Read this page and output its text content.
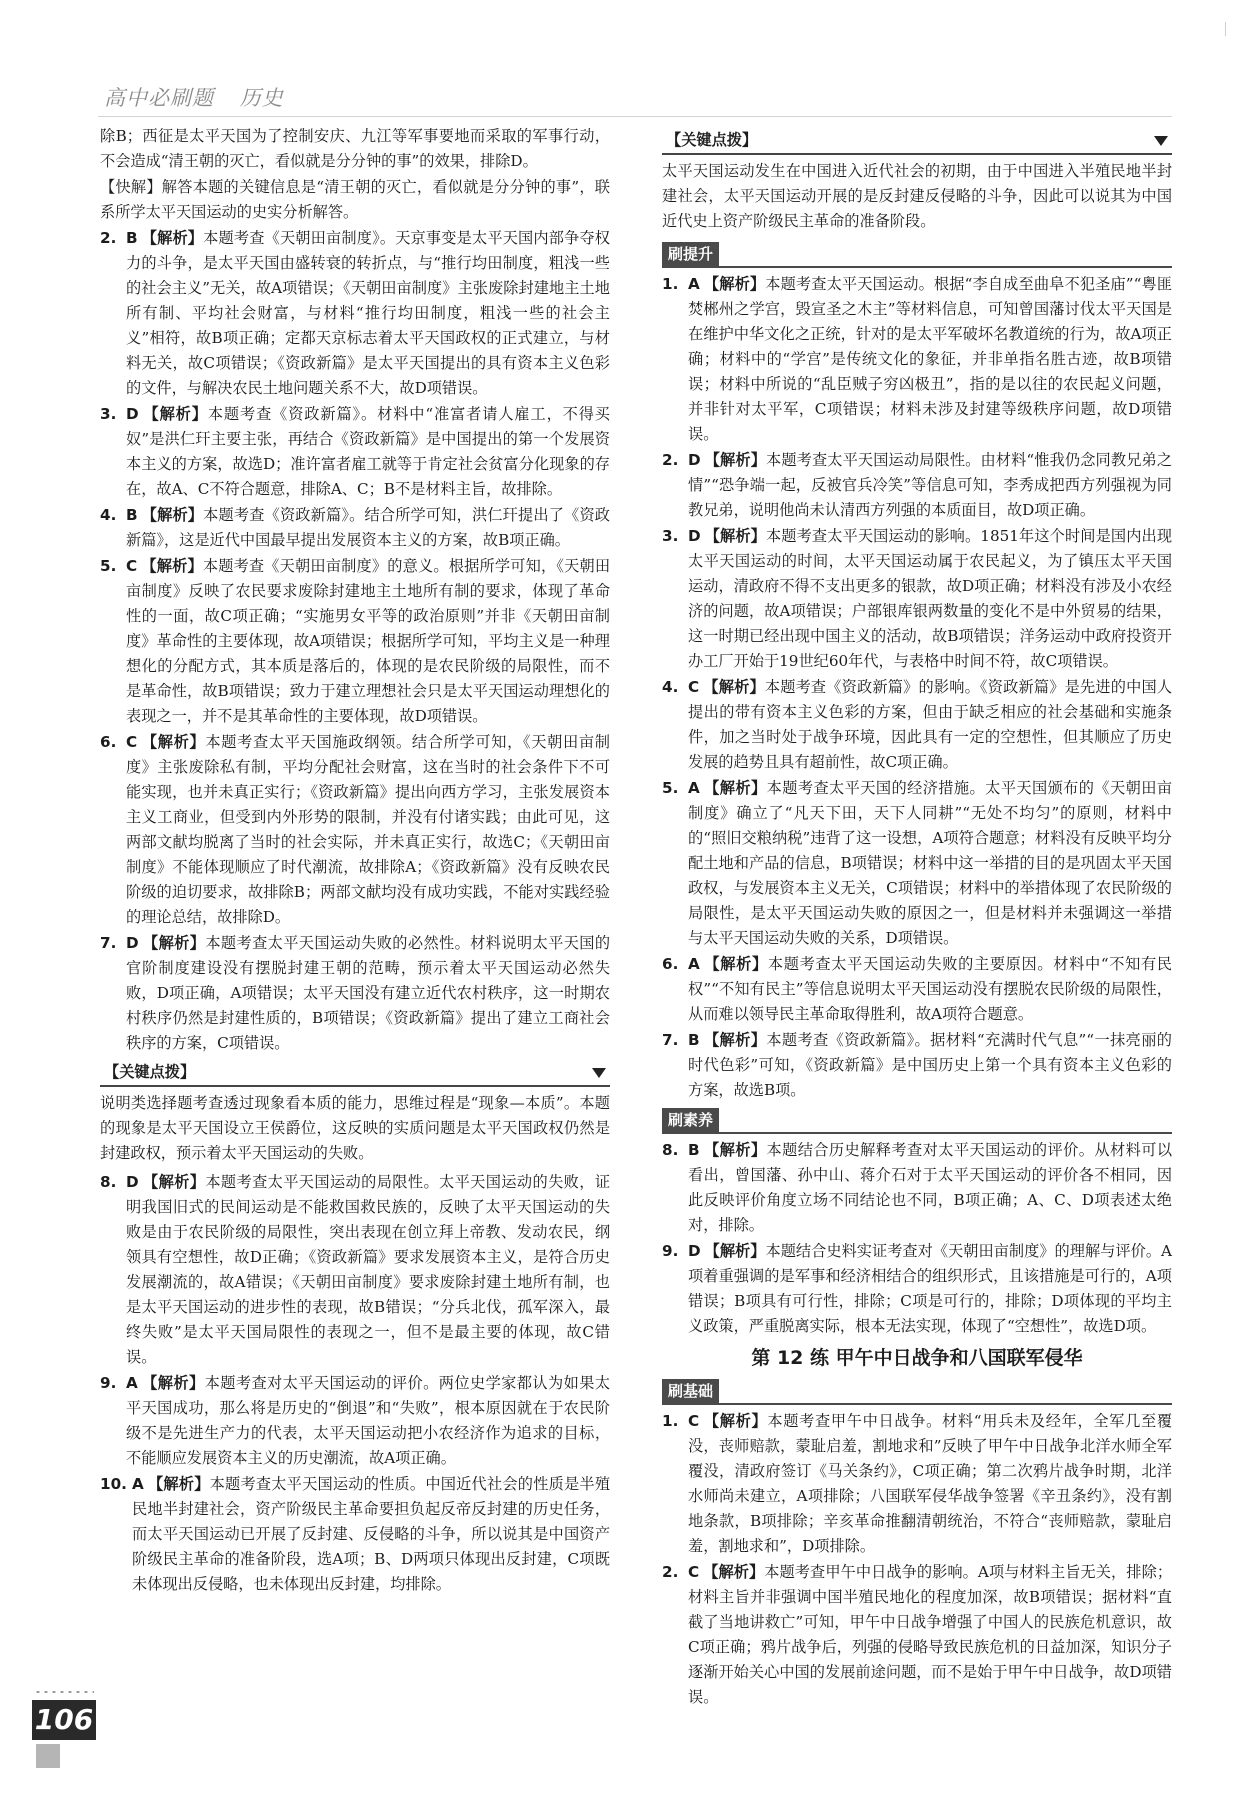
高中必刷题 历史

除B；西征是太平天国为了控制安庆、九江等军事要地而采取的军事行动，不会造成“清王朝的灭亡，看似就是分分钟的事”的效果，排除D。

【快解】解答本题的关键信息是“清王朝的灭亡，看似就是分分钟的事”，联系所学太平天国运动的史实分析解答。

2. B 【解析】本题考查《天朝田亩制度》。天京事变是太平天国内部争夺权力的斗争，是太平天国由盛转衰的转折点，与“推行均田制度，粗浅一些的社会主义”无关，故A项错误；《天朝田亩制度》主张废除封建地主土地所有制、平均社会财富，与材料“推行均田制度，粗浅一些的社会主义”相符，故B项正确；定都天京标志着太平天国政权的正式建立，与材料无关，故C项错误；《资政新篇》是太平天国提出的具有资本主义色彩的文件，与解决农民土地问题关系不大，故D项错误。
3. D 【解析】本题考查《资政新篇》。材料中“准富者请人雇工，不得买奴”是洪仁玕主要主张，再结合《资政新篇》是中国提出的第一个发展资本主义的方案，故选D；准许富者雇工就等于肯定社会贫富分化现象的存在，故A、C不符合题意，排除A、C；B不是材料主旨，故排除。
4. B 【解析】本题考查《资政新篇》。结合所学可知，洪仁玕提出了《资政新篇》，这是近代中国最早提出发展资本主义的方案，故B项正确。
5. C 【解析】本题考查《天朝田亩制度》的意义。根据所学可知，《天朝田亩制度》反映了农民要求废除封建地主土地所有制的要求，体现了革命性的一面，故C项正确；“实施男女平等的政治原则”并非《天朝田亩制度》革命性的主要体现，故A项错误；根据所学可知，平均主义是一种理想化的分配方式，其本质是落后的，体现的是农民阶级的局限性，而不是革命性，故B项错误；致力于建立理想社会只是太平天国运动理想化的表现之一，并不是其革命性的主要体现，故D项错误。
6. C 【解析】本题考查太平天国施政纲领。结合所学可知，《天朝田亩制度》主张废除私有制，平均分配社会财富，这在当时的社会条件下不可能实现，也并未真正实行；《资政新篇》提出向西方学习，主张发展资本主义工商业，但受到内外形势的限制，并没有付诸实践；由此可见，这两部文献均脱离了当时的社会实际，并未真正实行，故选C；《天朝田亩制度》不能体现顺应了时代潮流，故排除A；《资政新篇》没有反映农民阶级的迫切要求，故排除B；两部文献均没有成功实践，不能对实践经验的理论总结，故排除D。
7. D 【解析】本题考查太平天国运动失败的必然性。材料说明太平天国的官阶制度建设没有摆脱封建王朝的范畴，预示着太平天国运动必然失败，D项正确，A项错误；太平天国没有建立近代农村秩序，这一时期农村秩序仍然是封建性质的，B项错误；《资政新篇》提出了建立工商社会秩序的方案，C项错误。
【关键点拨】

说明类选择题考查透过现象看本质的能力，思维过程是“现象—本质”。本题的现象是太平天国设立王侯爵位，这反映的实质问题是太平天国政权仍然是封建政权，预示着太平天国运动的失败。

8. D 【解析】本题考查太平天国运动的局限性。太平天国运动的失败，证明我国旧式的民间运动是不能救国救民族的，反映了太平天国运动的失败是由于农民阶级的局限性，突出表现在创立拜上帝教、发动农民，纲领具有空想性，故D正确；《资政新篇》要求发展资本主义，是符合历史发展潮流的，故A错误；《天朝田亩制度》要求废除封建土地所有制，也是太平天国运动的进步性的表现，故B错误；“分兵北伐，孤军深入，最终失败”是太平天国局限性的表现之一，但不是最主要的体现，故C错误。
9. A 【解析】本题考查对太平天国运动的评价。两位史学家都认为如果太平天国成功，那么将是历史的“倒退”和“失败”，根本原因就在于农民阶级不是先进生产力的代表，太平天国运动把小农经济作为追求的目标，不能顺应发展资本主义的历史潮流，故A项正确。
10. A 【解析】本题考查太平天国运动的性质。中国近代社会的性质是半殖民地半封建社会，资产阶级民主革命要担负起反帝反封建的历史任务，而太平天国运动已开展了反封建、反侵略的斗争，所以说其是中国资产阶级民主革命的准备阶段，选A项；B、D两项只体现出反封建，C项既未体现出反侵略，也未体现出反封建，均排除。
【关键点拨】

太平天国运动发生在中国进入近代社会的初期，由于中国进入半殖民地半封建社会，太平天国运动开展的是反封建反侵略的斗争，因此可以说其为中国近代史上资产阶级民主革命的准备阶段。

刷提升
1. A 【解析】本题考查太平天国运动。根据“李自成至曲阜不犯圣庙”“粤匪焚郴州之学宫，毁宣圣之木主”等材料信息，可知曾国藩讨伐太平天国是在维护中华文化之正统，针对的是太平军破坏名教道统的行为，故A项正确；材料中的“学宫”是传统文化的象征，并非单指名胜古迹，故B项错误；材料中所说的“乱臣贼子穷凶极丑”，指的是以往的农民起义问题，并非针对太平军，C项错误；材料未涉及封建等级秩序问题，故D项错误。
2. D 【解析】本题考查太平天国运动局限性。由材料“惟我仍念同教兄弟之情”“恐争端一起，反被官兵冷笑”等信息可知，李秀成把西方列强视为同教兄弟，说明他尚未认清西方列强的本质面目，故D项正确。
3. D 【解析】本题考查太平天国运动的影响。1851年这个时间是国内出现太平天国运动的时间，太平天国运动属于农民起义，为了镇压太平天国运动，清政府不得不支出更多的银款，故D项正确；材料没有涉及小农经济的问题，故A项错误；户部银库银两数量的变化不是中外贸易的结果，这一时期已经出现中国主义的活动，故B项错误；洋务运动中政府投资开办工厂开始于19世纪60年代，与表格中时间不符，故C项错误。
4. C 【解析】本题考查《资政新篇》的影响。《资政新篇》是先进的中国人提出的带有资本主义色彩的方案，但由于缺乏相应的社会基础和实施条件，加之当时处于战争环境，因此具有一定的空想性，但其顺应了历史发展的趋势且具有超前性，故C项正确。
5. A 【解析】本题考查太平天国的经济措施。太平天国颁布的《天朝田亩制度》确立了“凡天下田，天下人同耕”“无处不均匀”的原则，材料中的“照旧交粮纳税”违背了这一设想，A项符合题意；材料没有反映平均分配土地和产品的信息，B项错误；材料中这一举措的目的是巩固太平天国政权，与发展资本主义无关，C项错误；材料中的举措体现了农民阶级的局限性，是太平天国运动失败的原因之一，但是材料并未强调这一举措与太平天国运动失败的关系，D项错误。
6. A 【解析】本题考查太平天国运动失败的主要原因。材料中“不知有民权”“不知有民主”等信息说明太平天国运动没有摆脱农民阶级的局限性，从而难以领导民主革命取得胜利，故A项符合题意。
7. B 【解析】本题考查《资政新篇》。据材料“充满时代气息”“一抹亮丽的时代色彩”可知，《资政新篇》是中国历史上第一个具有资本主义色彩的方案，故选B项。
刷素养
8. B 【解析】本题结合历史解释考查对太平天国运动的评价。从材料可以看出，曾国藩、孙中山、蒋介石对于太平天国运动的评价各不相同，因此反映评价角度立场不同结论也不同，B项正确；A、C、D项表述太绝对，排除。
9. D 【解析】本题结合史料实证考查对《天朝田亩制度》的理解与评价。A项着重强调的是军事和经济相结合的组织形式，且该措施是可行的，A项错误；B项具有可行性，排除；C项是可行的，排除；D项体现的平均主义政策，严重脱离实际，根本无法实现，体现了“空想性”，故选D项。
第 12 练 甲午中日战争和八国联军侵华
刷基础
1. C 【解析】本题考查甲午中日战争。材料“用兵未及经年，全军几至覆没，丧师赔款，蒙耻启羞，割地求和”反映了甲午中日战争北洋水师全军覆没，清政府签订《马关条约》，C项正确；第二次鸦片战争时期，北洋水师尚未建立，A项排除；八国联军侵华战争签署《辛丑条约》，没有割地条款，B项排除；辛亥革命推翻清朝统治，不符合“丧师赔款，蒙耻启羞，割地求和”，D项排除。
2. C 【解析】本题考查甲午中日战争的影响。A项与材料主旨无关，排除；材料主旨并非强调中国半殖民地化的程度加深，故B项错误；据材料“直截了当地讲救亡”可知，甲午中日战争增强了中国人的民族危机意识，故C项正确；鸦片战争后，列强的侵略导致民族危机的日益加深，知识分子逐渐开始关心中国的发展前途问题，而不是始于甲午中日战争，故D项错误。
106
